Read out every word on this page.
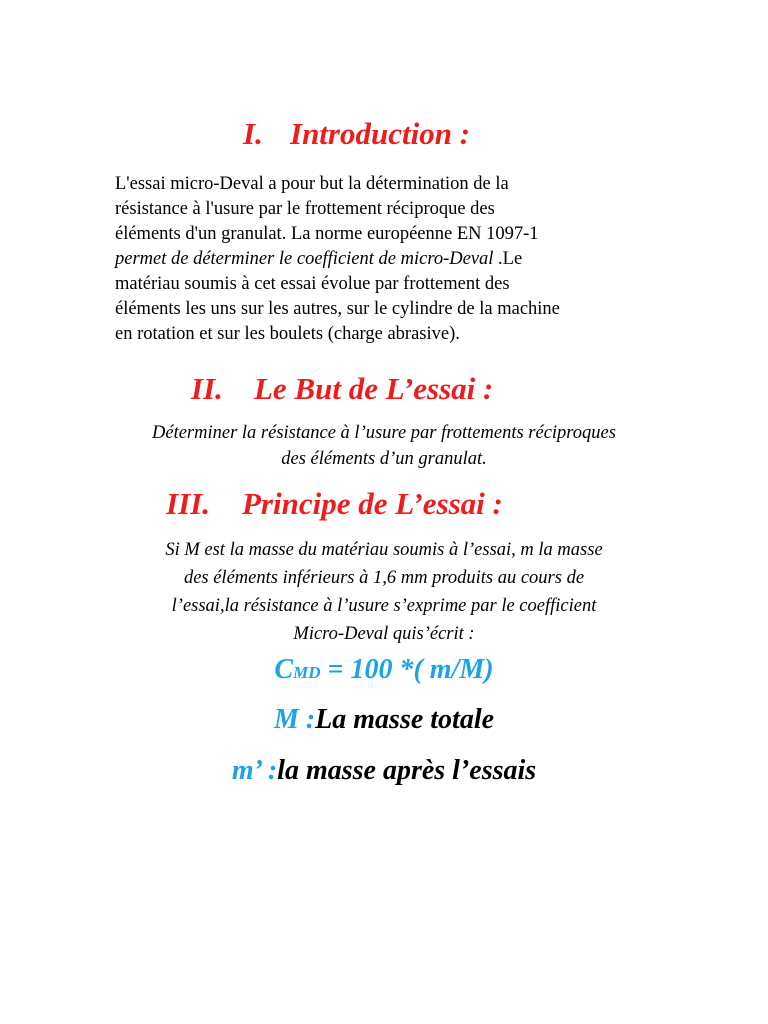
I. Introduction :

L'essai micro-Deval a pour but la détermination de la

résistance à l'usure par le frottement réciproque des

éléments d'un granulat. La norme européenne EN 1097-1

permet de déterminer le coefficient de micro-Deval .Le

matériau soumis à cet essai évolue par frottement des

éléments les uns sur les autres, sur le cylindre de la machine

en rotation et sur les boulets (charge abrasive).

II. Le But de L’essai :

Déterminer la résistance à l’usure par frottements réciproques

des éléments d’un granulat.

III. Principe de L’essai :

Si M est la masse du matériau soumis à l’essai, m la masse

des éléments inférieurs à 1,6 mm produits au cours de

l’essai,la résistance à l’usure s’exprime par le coefficient

Micro-Deval quis’écrit :

CMD = 100 *( m/M)
M :La masse totale
m’ :la masse après l’essais
